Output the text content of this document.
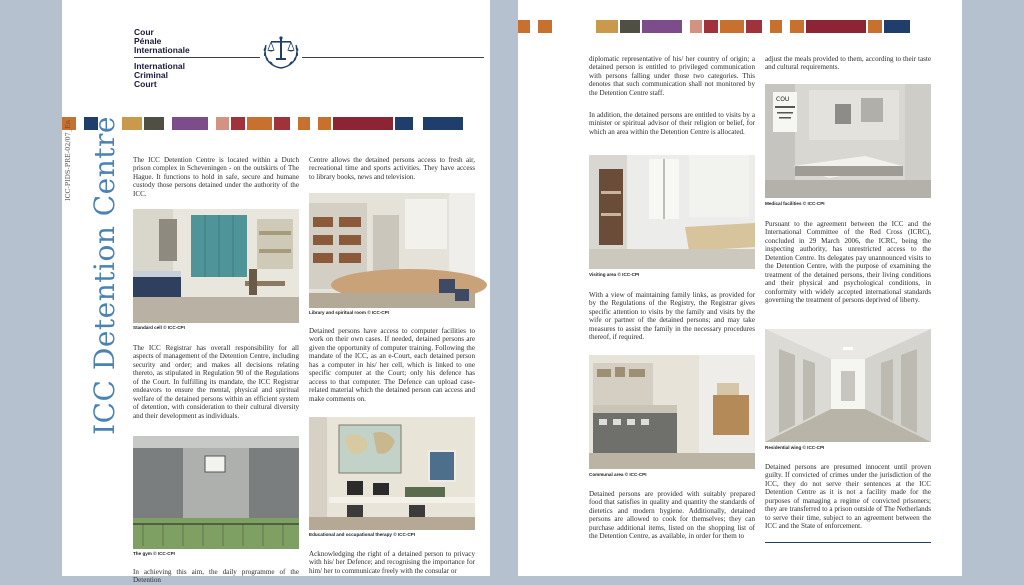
Cour
Pénale
Internationale
International
Criminal
Court
ICC-PIDS-PRE-02/07_En ICC Detention Centre The ICC Detention Centre is located within a Dutch prison complex in Scheveningen - on the outskirts of The Hague. It functions to hold in safe, secure and humane custody those persons detained under the authority of the ICC.
Standard cell © ICC-CPI
The ICC Registrar has overall responsibility for all aspects of management of the Detention Centre, including security and order; and makes all decisions relating thereto, as stipulated in Regulation 90 of the Regulations of the Court. In fulfilling its mandate, the ICC Registrar endeavors to ensure the mental, physical and spiritual welfare of the detained persons within an efficient system of detention, with consideration to their cultural diversity and their development as individuals.
The gym © ICC-CPI
In achieving this aim, the daily programme of the Detention
Centre allows the detained persons access to fresh air, recreational time and sports activities. They have access to library books, news and television.
Library and spiritual room © ICC-CPI
Detained persons have access to computer facilities to work on their own cases. If needed, detained persons are given the opportunity of computer training. Following the mandate of the ICC, as an e-Court, each detained person has a computer in his/ her cell, which is linked to one specific computer at the Court; only his defence has access to that computer. The Defence can upload case-related material which the detained person can access and make comments on.
Educational and occupational therapy © ICC-CPI
Acknowledging the right of a detained person to privacy with his/ her Defence; and recognising the importance for him/ her to communicate freely with the consular or
diplomatic representative of his/ her country of origin; a detained person is entitled to privileged communication with persons falling under those two categories. This denotes that such communication shall not monitored by the Detention Centre staff.
In addition, the detained persons are entitled to visits by a minister or spiritual advisor of their religion or belief, for which an area within the Detention Centre is allocated.
Visiting area © ICC-CPI
With a view of maintaining family links, as provided for by the Regulations of the Registry, the Registrar gives specific attention to visits by the family and visits by the wife or partner of the detained persons; and may take measures to assist the family in the necessary procedures thereof, if required.
Communal area © ICC-CPI
Detained persons are provided with suitably prepared food that satisfies in quality and quantity the standards of dietetics and modern hygiene. Additionally, detained persons are allowed to cook for themselves; they can purchase additional items, listed on the shopping list of the Detention Centre, as available, in order for them to
adjust the meals provided to them, according to their taste and cultural requirements.
COU
Medical facilities © ICC-CPI
Pursuant to the agreement between the ICC and the International Committee of the Red Cross (ICRC), concluded in 29 March 2006, the ICRC, being the inspecting authority, has unrestricted access to the Detention Centre. Its delegates pay unannounced visits to the Detention Centre, with the purpose of examining the treatment of the detained persons, their living conditions and their physical and psychological conditions, in conformity with widely accepted international standards governing the treatment of persons deprived of liberty.
Residential wing © ICC-CPI
Detained persons are presumed innocent until proven guilty. If convicted of crimes under the jurisdiction of the ICC, they do not serve their sentences at the ICC Detention Centre as it is not a facility made for the purposes of managing a regime of convicted prisoners; they are transferred to a prison outside of The Netherlands to serve their time, subject to an agreement between the ICC and the State of enforcement.
